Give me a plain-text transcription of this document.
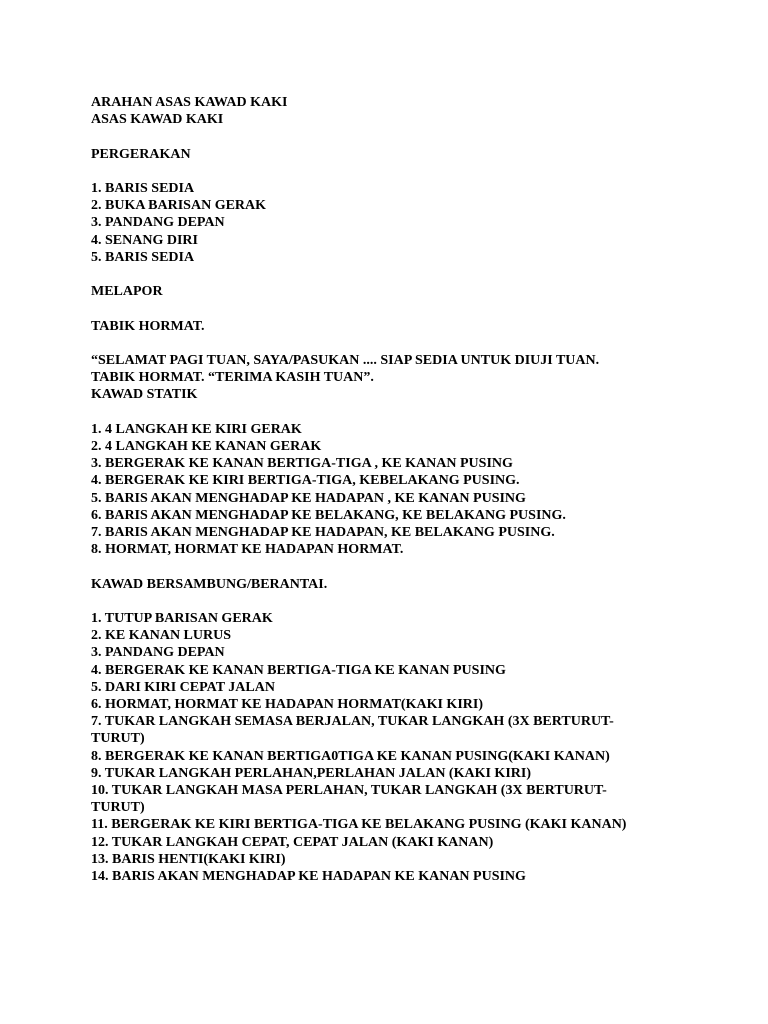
ARAHAN ASAS KAWAD KAKI
ASAS KAWAD KAKI
PERGERAKAN
1. BARIS SEDIA
2. BUKA BARISAN GERAK
3. PANDANG DEPAN
4. SENANG DIRI
5. BARIS SEDIA
MELAPOR
TABIK HORMAT.
“SELAMAT PAGI TUAN, SAYA/PASUKAN .... SIAP SEDIA UNTUK DIUJI TUAN.
TABIK HORMAT. “TERIMA KASIH TUAN”.
KAWAD STATIK
1. 4 LANGKAH KE KIRI GERAK
2. 4 LANGKAH KE KANAN GERAK
3. BERGERAK KE KANAN BERTIGA-TIGA , KE KANAN PUSING
4. BERGERAK KE KIRI BERTIGA-TIGA, KEBELAKANG PUSING.
5. BARIS AKAN MENGHADAP KE HADAPAN , KE KANAN PUSING
6. BARIS AKAN MENGHADAP KE BELAKANG, KE BELAKANG PUSING.
7. BARIS AKAN MENGHADAP KE HADAPAN, KE BELAKANG PUSING.
8. HORMAT, HORMAT KE HADAPAN HORMAT.
KAWAD BERSAMBUNG/BERANTAI.
1. TUTUP BARISAN GERAK
2. KE KANAN LURUS
3. PANDANG DEPAN
4. BERGERAK KE KANAN BERTIGA-TIGA KE KANAN PUSING
5. DARI KIRI CEPAT JALAN
6. HORMAT, HORMAT KE HADAPAN HORMAT(KAKI KIRI)
7. TUKAR LANGKAH SEMASA BERJALAN, TUKAR LANGKAH (3X BERTURUT-
TURUT)
8. BERGERAK KE KANAN BERTIGA0TIGA KE KANAN PUSING(KAKI KANAN)
9. TUKAR LANGKAH PERLAHAN,PERLAHAN JALAN (KAKI KIRI)
10. TUKAR LANGKAH MASA PERLAHAN, TUKAR LANGKAH (3X BERTURUT-
TURUT)
11. BERGERAK KE KIRI BERTIGA-TIGA KE BELAKANG PUSING (KAKI KANAN)
12. TUKAR LANGKAH CEPAT, CEPAT JALAN (KAKI KANAN)
13. BARIS HENTI(KAKI KIRI)
14. BARIS AKAN MENGHADAP KE HADAPAN KE KANAN PUSING
